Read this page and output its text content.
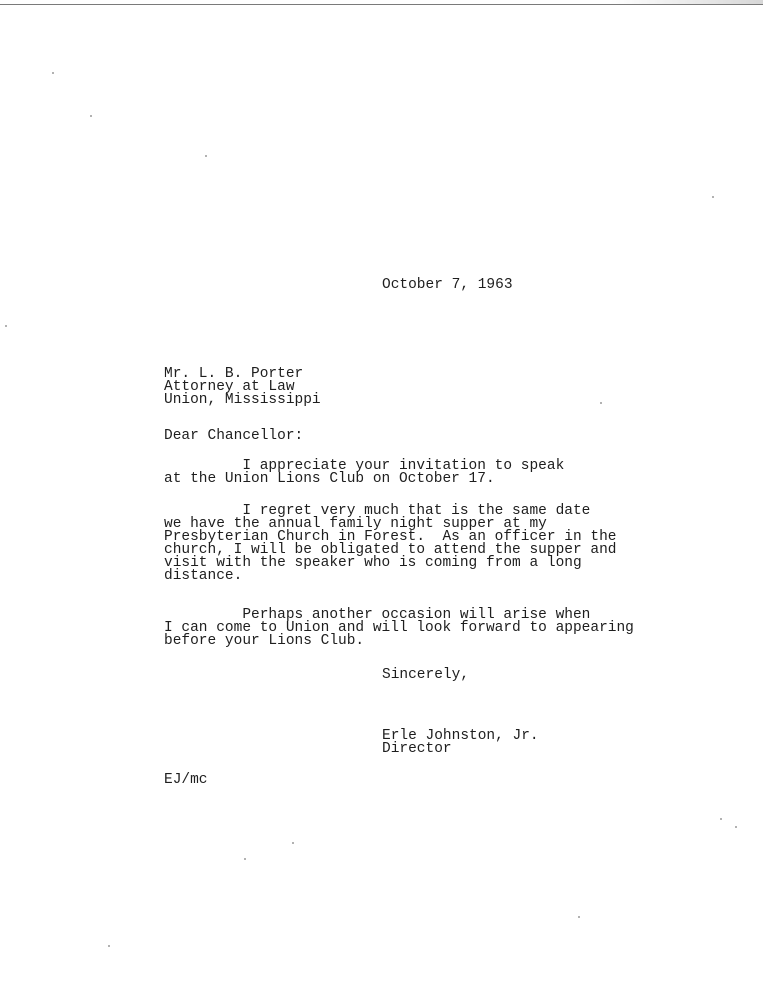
October 7, 1963

Mr. L. B. Porter
Attorney at Law
Union, Mississippi

Dear Chancellor:

I appreciate your invitation to speak
at the Union Lions Club on October 17.
I regret very much that is the same date
we have the annual family night supper at my
Presbyterian Church in Forest.  As an officer in the
church, I will be obligated to attend the supper and
visit with the speaker who is coming from a long
distance.
Perhaps another occasion will arise when
I can come to Union and will look forward to appearing
before your Lions Club.

Sincerely,

Erle Johnston, Jr.
Director

EJ/mc
